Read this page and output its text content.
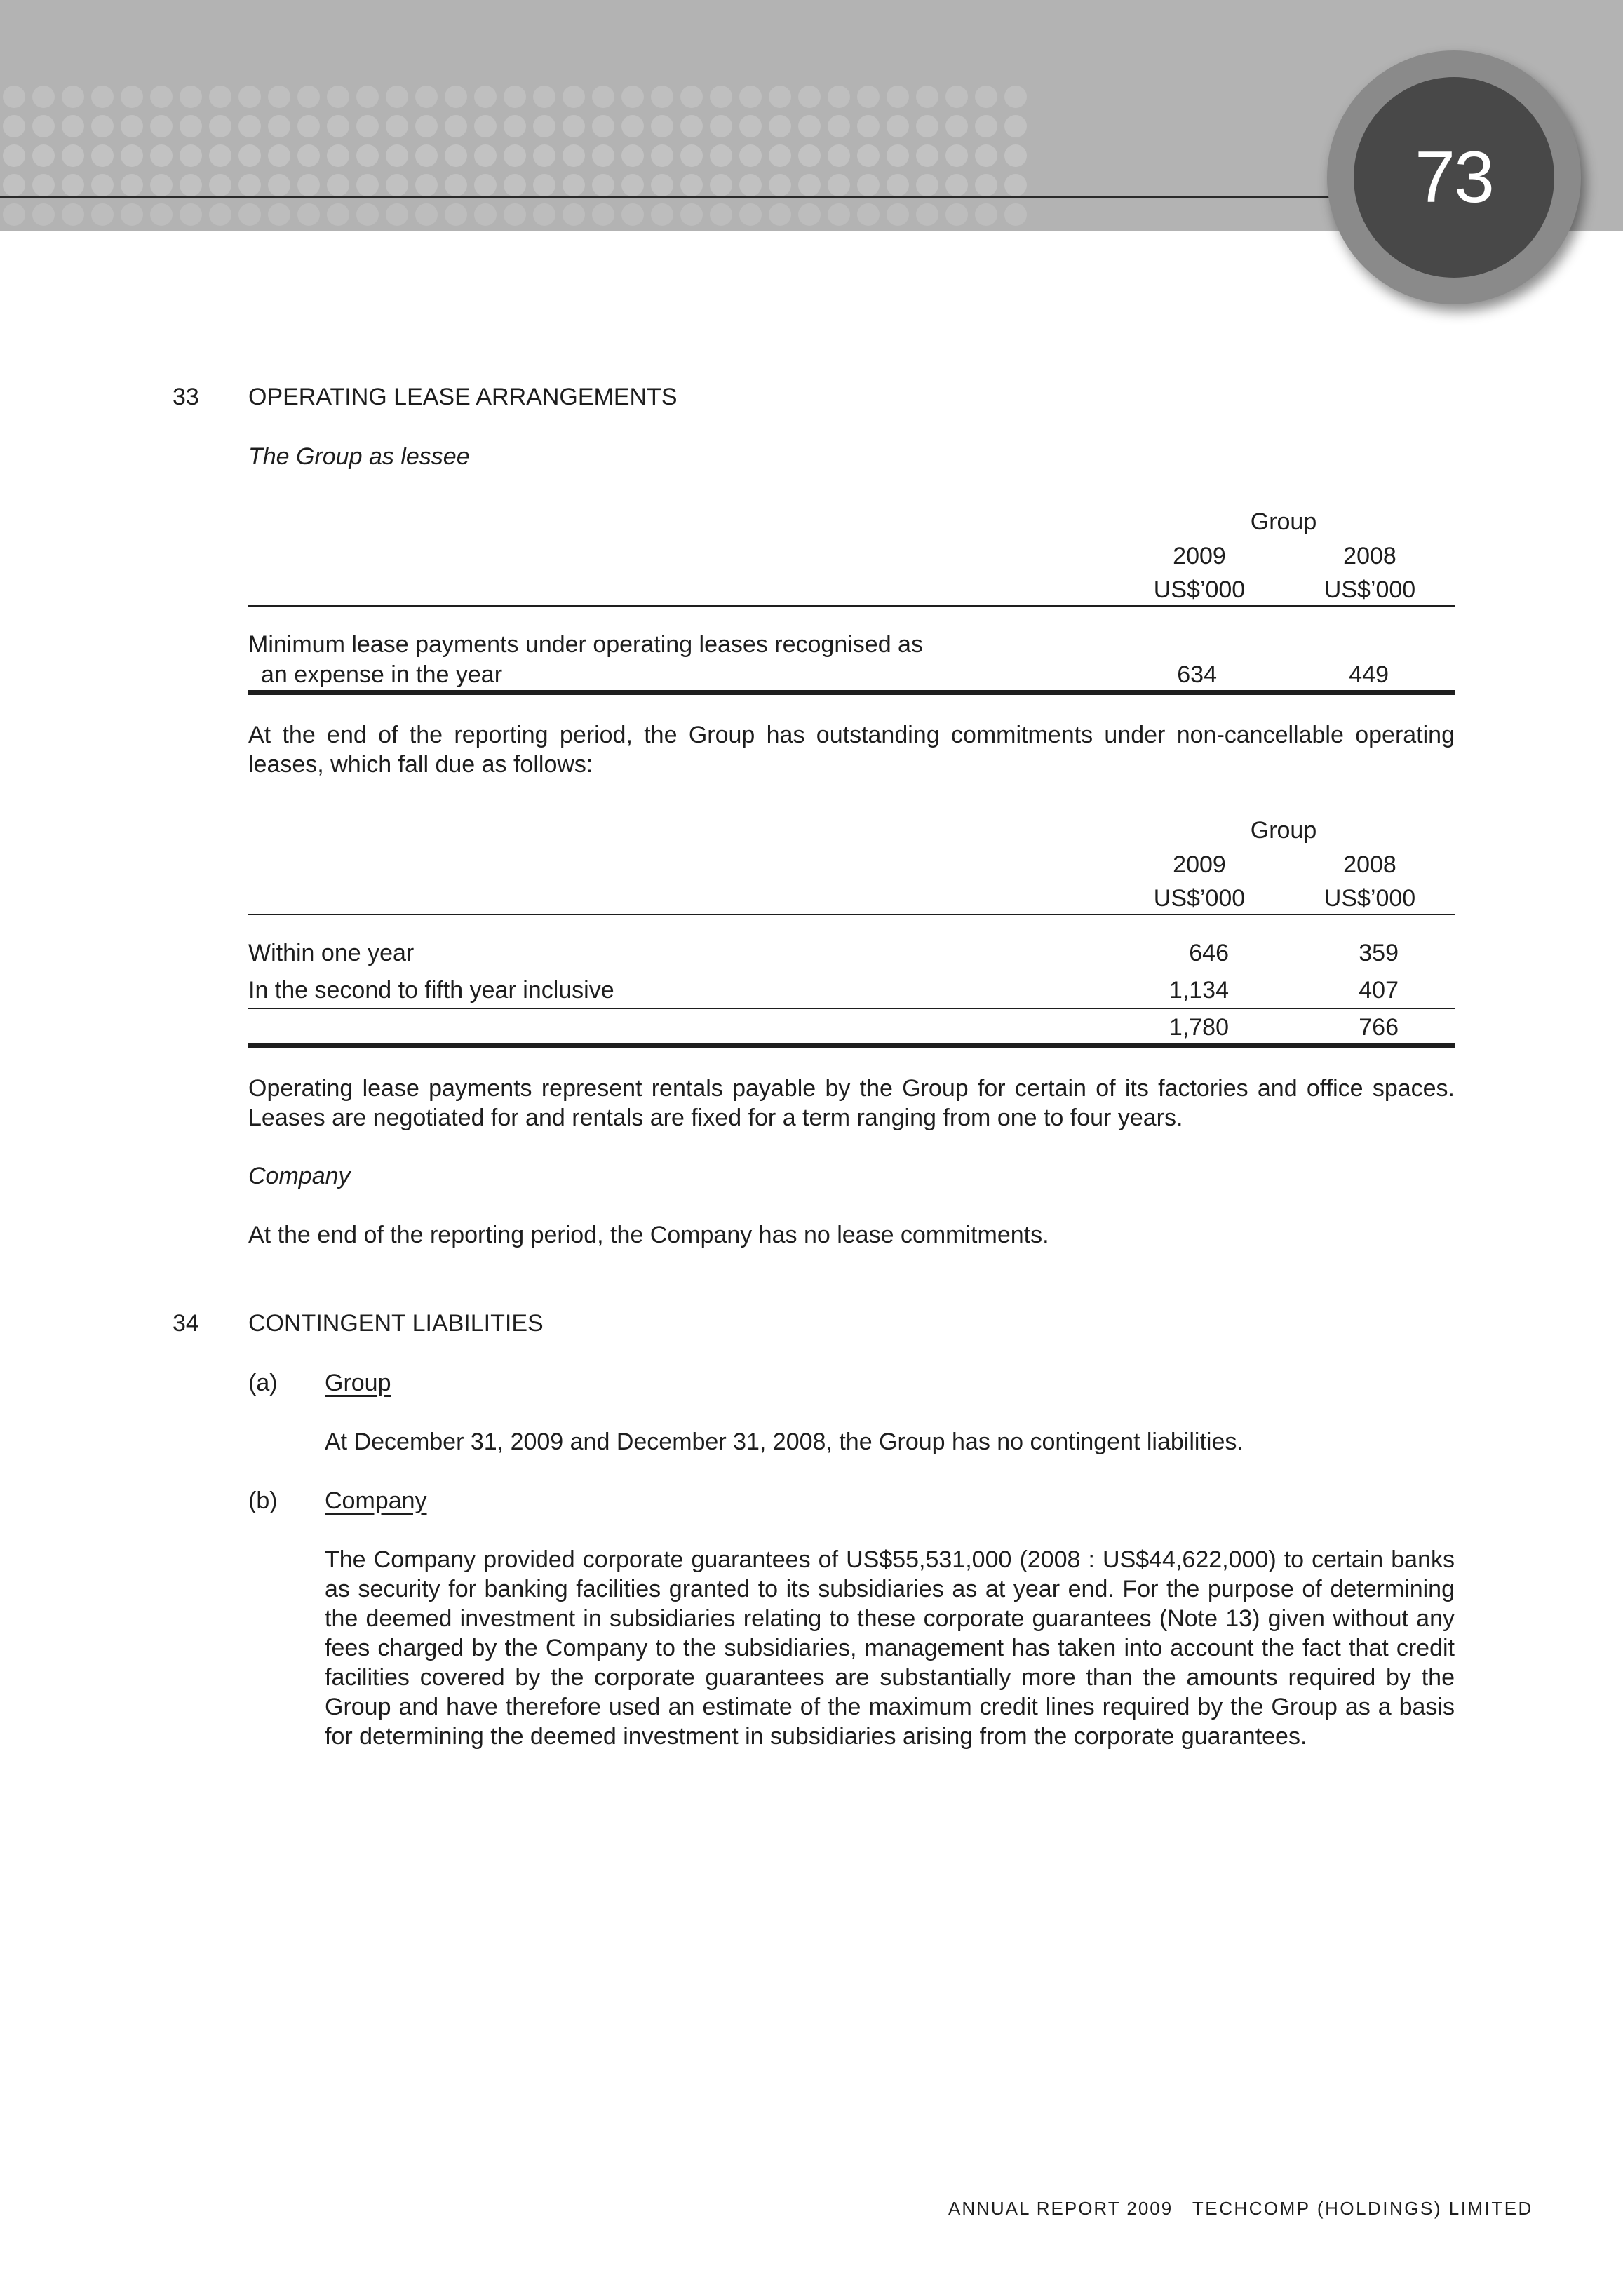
73
33 OPERATING LEASE ARRANGEMENTS
The Group as lessee
Group
2009	2008
US$’000	US$’000
Minimum lease payments under operating leases recognised as
an expense in the year	634	449
At the end of the reporting period, the Group has outstanding commitments under non-cancellable operating leases, which fall due as follows:
Group
2009	2008
US$’000	US$’000
Within one year	646	359
In the second to fifth year inclusive	1,134	407
1,780	766
Operating lease payments represent rentals payable by the Group for certain of its factories and office spaces. Leases are negotiated for and rentals are fixed for a term ranging from one to four years.
Company
At the end of the reporting period, the Company has no lease commitments.
34 CONTINGENT LIABILITIES
(a) Group
At December 31, 2009 and December 31, 2008, the Group has no contingent liabilities.
(b) Company
The Company provided corporate guarantees of US$55,531,000 (2008 : US$44,622,000) to certain banks as security for banking facilities granted to its subsidiaries as at year end. For the purpose of determining the deemed investment in subsidiaries relating to these corporate guarantees (Note 13) given without any fees charged by the Company to the subsidiaries, management has taken into account the fact that credit facilities covered by the corporate guarantees are substantially more than the amounts required by the Group and have therefore used an estimate of the maximum credit lines required by the Group as a basis for determining the deemed investment in subsidiaries arising from the corporate guarantees.
ANNUAL REPORT 2009 TECHCOMP (HOLDINGS) LIMITED
